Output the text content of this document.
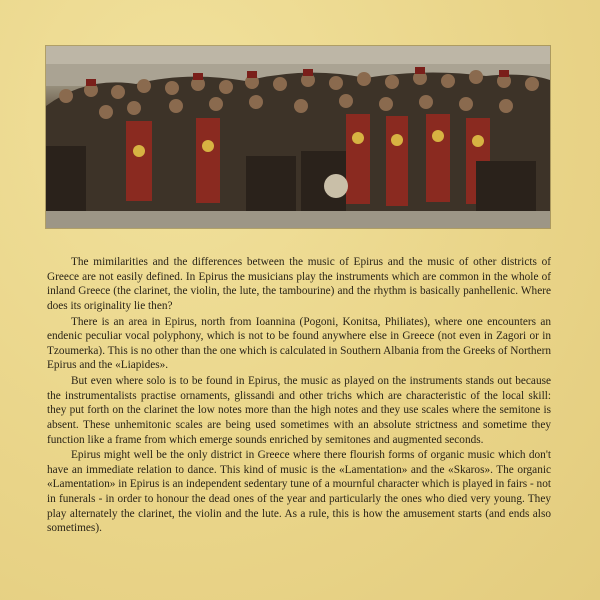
The mimilarities and the differences between the music of Epirus and the music of other districts of Greece are not easily defined. In Epirus the musicians play the instruments which are common in the whole of inland Greece (the clarinet, the violin, the lute, the tambourine) and the rhythm is basically panhellenic. Where does its originality lie then?

There is an area in Epirus, north from Ioannina (Pogoni, Konitsa, Philiates), where one encounters an endenic peculiar vocal polyphony, which is not to be found anywhere else in Greece (not even in Zagori or in Tzoumerka). This is no other than the one which is calculated in Southern Albania from the Greeks of Northern Epirus and the «Liapides».

But even where solo is to be found in Epirus, the music as played on the instruments stands out because the instrumentalists practise ornaments, glissandi and other trichs which are characteristic of the local skill: they put forth on the clarinet the low notes more than the high notes and they use scales where the semitone is absent. These unhemitonic scales are being used sometimes with an absolute strictness and sometime they function like a frame from which emerge sounds enriched by semitones and augmented seconds.

Epirus might well be the only district in Greece where there flourish forms of organic music which don't have an immediate relation to dance. This kind of music is the «Lamentation» and the «Skaros». The organic «Lamentation» in Epirus is an independent sedentary tune of a mournful character which is played in fairs - not in funerals - in order to honour the dead ones of the year and particularly the ones who died very young. They play alternately the clarinet, the violin and the lute. As a rule, this is how the amusement starts (and ends also sometimes).
